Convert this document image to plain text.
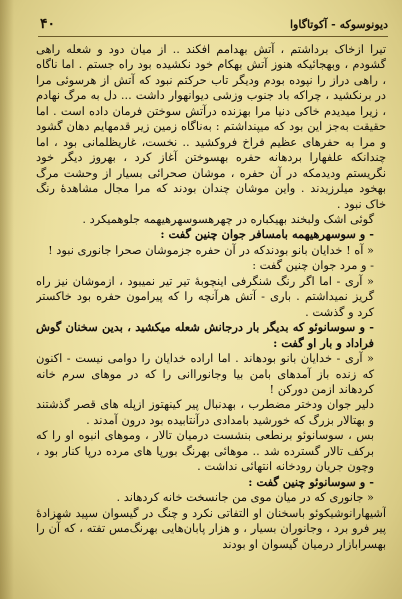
دیونوسوکه - آکوتاگاوا
۴۰

تیرا ازخاک برداشتم ، آتش بهدامم افکند .. از میان دود و شعله راهی گشودم ، وبهجائیکه هنوز آتش بهکام خود نکشیده بود راه جستم . اما ناگاه ، راهی دراز را نپوده بودم ودیگر تاب حرکتم نبود که آتش از هرسوئی مرا در برنکشید ، چراکه باد جنوب وزشی دیوانهوار داشت ... دل به مرگ نهادم ، زیرا میدیدم خاکی دنیا مرا بهزنده درآتش سوختن فرمان داده است . اما حقیقت به‌جز این بود که میپنداشتم : به‌ناگاه زمین زیر قدمهایم دهان گشود و مرا به حفرهای عظیم فراخ فروکشید .. نخست، غاریظلمانی بود ، اما چندانکه علفهارا بردهانه حفره بهسوختن آغاز کرد ، بهروز دیگر خود نگریستم ودیدمکه در آن حفره ، موشان صحرائی بسیار از وحشت مرگ بهخود میلرزیدند . واین موشان چندان بودند که مرا مجال مشاهدهٔ رنگ خاک نبود .

گوئی اشک ولبخند بهیکباره در چهرهسوسهرهیهمه جلوهمیکرد .

- و سوسهرهیهمه بامسافر جوان چنین گفت :

« آه ! خدایان بانو بودندکه در آن حفره جزموشان صحرا جانوری نبود !

- و مرد جوان چنین گفت :

« آری - اما اگر رنگ شنگرفی اینچوبهٔ تیر تیر نمیبود ، ازموشان نیز راه گریز نمیداشتم . باری - آتش هرآنچه را که پیرامون حفره بود خاکستر کرد و گذشت .

- و سوسانوئو که بدیگر بار درجانش شعله میکشید ، بدین سخنان گوش فراداد و بار او گفت :

« آری - خدایان بانو بودهاند . اما اراده خدایان را دوامی نیست - اکنون که زنده باز آمدهای بامن بیا وجانوراانی را که در موهای سرم خانه کردهاند ازمن دورکن !

دلیر جوان ودختر مضطرب ، بهدنبال پیر کینهتوز ازپله های قصر گذشتند و بهتالار بزرگ که خورشید بامدادی درآنتابیده بود درون آمدند .

بس ، سوسانوئو برنطعی بنشست درمیان تالار ، وموهای انبوه او را که برکف تالار گسترده شد .. موهائی بهرنگ بورپا های مرده درپا کنار بود ، وچون جریان رودخانه انتهائی نداشت .

- و سوسانوئو چنین گفت :

« جانوری که در میان موی من جانسخت خانه کردهاند .

آشیهارانوشیکوئو باسخنان او التفاتی نکرد و چنگ در گیسوان سپید شهزادهٔ پیر فرو برد ، وجانوران بسیار ، و هزار پابان‌هایی بهرنگ‌مس تفته ، که آن را بهسرابازار درمیان گیسوان او بودند
